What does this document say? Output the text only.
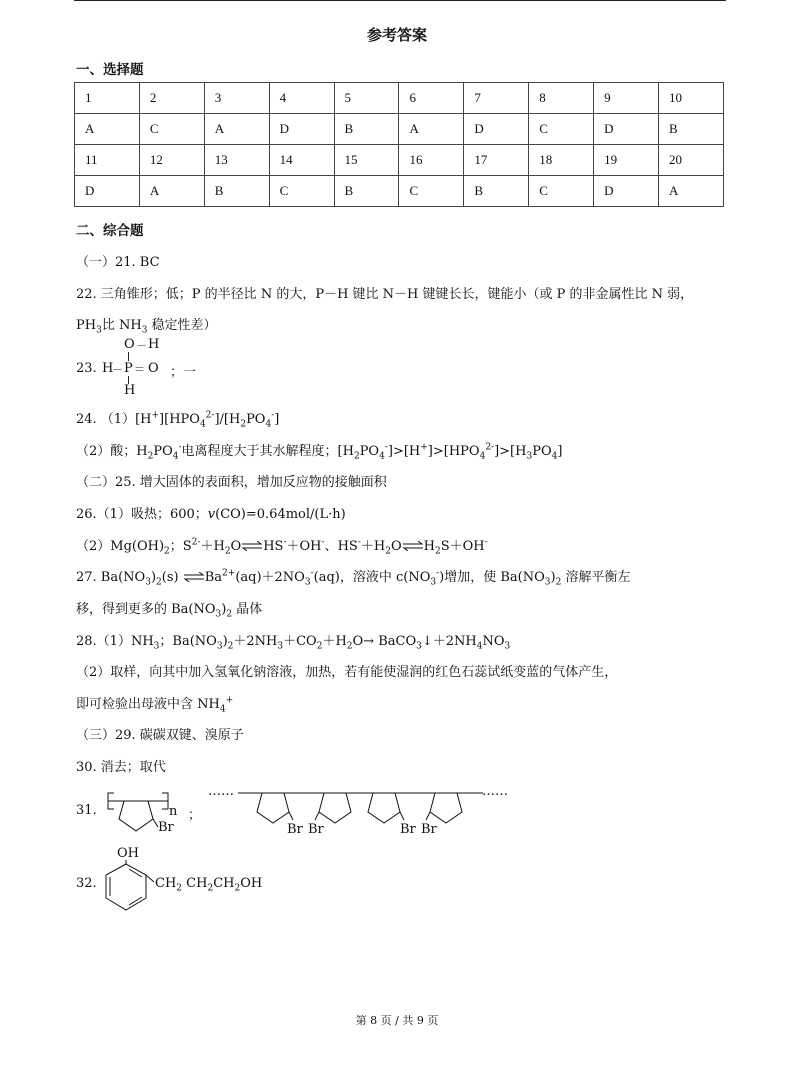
参考答案
一、选择题
1	2	3	4	5	6	7	8	9	10
A	C	A	D	B	A	D	C	D	B
11	12	13	14	15	16	17	18	19	20
D	A	B	C	B	C	B	C	D	A
二、综合题
（一）21. BC
22. 三角锥形；低；P 的半径比 N 的大，P－H 键比 N－H 键键长长，键能小（或 P 的非金属性比 N 弱，
$PH_3$比 $NH_3$ 稳定性差）
23.
O － H
H
－ P ＝ O
H
；一
24. $(1)[H^+][HPO_4^{2-}]/[H_2PO_4^-]$
（2）酸；$H_2PO_4^-$电离程度大于其水解程度；$[H_2PO_4^-]>[H^+]>[HPO_4^{2-}]>[H_3PO_4]$
（二）25. 增大固体的表面积，增加反应物的接触面积
26.（1）吸热；600；v(CO)=0.64mol/(L·h)
$(2)Mg(OH)_2$；$S^{2-}+H_2O$ HS-＋OH-、$HS^-+H_2O$ $H_2S+OH^-$
27. $Ba(NO_3)_2(s)$ $Ba^{2+}(aq)+2NO_3^-(aq)$，溶液中 $c(NO_3^-)$增加，使 $Ba(NO_3)_2$ 溶解平衡左
移，得到更多的 $Ba(NO_3)_2$ 晶体
$28.(1)NH_3$；$Ba(NO_3)_2+2NH_3+CO_2+H_2O\to$ $BaCO_3↓+2NH_4NO_3$
（2）取样，向其中加入氢氧化钠溶液，加热，若有能使湿润的红色石蕊试纸变蓝的气体产生，
即可检验出母液中含 $NH_4^+$
（三）29. 碳碳双键、溴原子
30. 消去；取代
31.	n
Br
；
……	……
Br Br	Br Br
32.
OH
$CH_2$ $CH_2CH_2OH$
第 8 页 / 共 9 页
